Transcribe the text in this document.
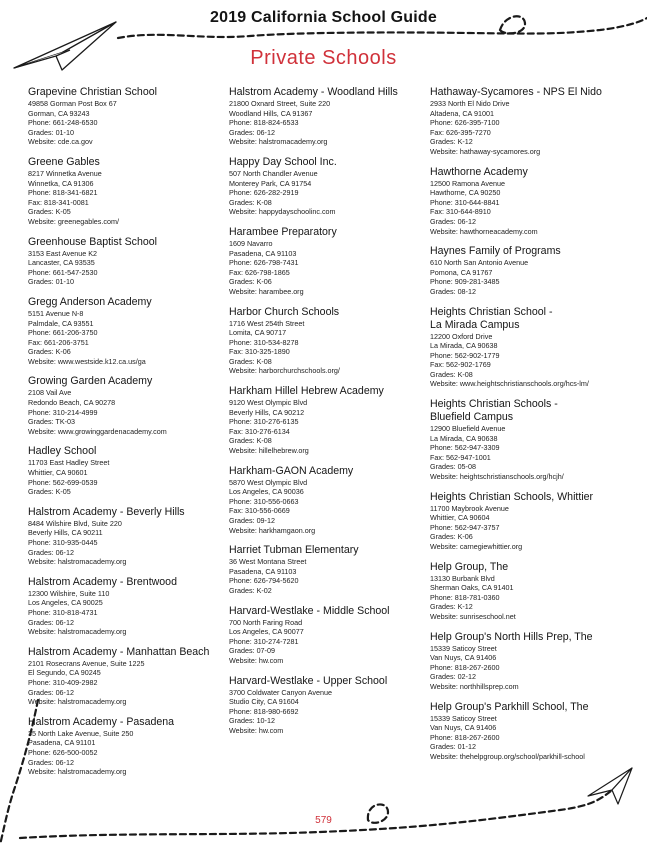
2019 California School Guide
Private Schools
Grapevine Christian School
49858 Gorman Post Box 67
Gorman, CA 93243
Phone: 661-248-6530
Grades: 01-10
Website: cde.ca.gov
Greene Gables
8217 Winnetka Avenue
Winnetka, CA 91306
Phone: 818-341-6821
Fax: 818-341-0081
Grades: K-05
Website: greenegables.com/
Greenhouse Baptist School
3153 East Avenue K2
Lancaster, CA 93535
Phone: 661-547-2530
Grades: 01-10
Gregg Anderson Academy
5151 Avenue N-8
Palmdale, CA 93551
Phone: 661-206-3750
Fax: 661-206-3751
Grades: K-06
Website: www.westside.k12.ca.us/ga
Growing Garden Academy
2108 Vail Ave
Redondo Beach, CA 90278
Phone: 310-214-4999
Grades: TK-03
Website: www.growinggardenacademy.com
Hadley School
11703 East Hadley Street
Whittier, CA 90601
Phone: 562-699-0539
Grades: K-05
Halstrom Academy - Beverly Hills
8484 Wilshire Blvd, Suite 220
Beverly Hills, CA 90211
Phone: 310-935-0445
Grades: 06-12
Website: halstromacademy.org
Halstrom Academy - Brentwood
12300 Wilshire, Suite 110
Los Angeles, CA 90025
Phone: 310-818-4731
Grades: 06-12
Website: halstromacademy.org
Halstrom Academy - Manhattan Beach
2101 Rosecrans Avenue, Suite 1225
El Segundo, CA 90245
Phone: 310-409-2982
Grades: 06-12
Website: halstromacademy.org
Halstrom Academy - Pasadena
35 North Lake Avenue, Suite 250
Pasadena, CA 91101
Phone: 626-500-0052
Grades: 06-12
Website: halstromacademy.org
Halstrom Academy - Woodland Hills
21800 Oxnard Street, Suite 220
Woodland Hills, CA 91367
Phone: 818-824-6533
Grades: 06-12
Website: halstromacademy.org
Happy Day School Inc.
507 North Chandler Avenue
Monterey Park, CA 91754
Phone: 626-282-2919
Grades: K-08
Website: happydayschoolinc.com
Harambee Preparatory
1609 Navarro
Pasadena, CA 91103
Phone: 626-798-7431
Fax: 626-798-1865
Grades: K-06
Website: harambee.org
Harbor Church Schools
1716 West 254th Street
Lomita, CA 90717
Phone: 310-534-8278
Fax: 310-325-1890
Grades: K-08
Website: harborchurchschools.org/
Harkham Hillel Hebrew Academy
9120 West Olympic Blvd
Beverly Hills, CA 90212
Phone: 310-276-6135
Fax: 310-276-6134
Grades: K-08
Website: hillelhebrew.org
Harkham-GAON Academy
5870 West Olympic Blvd
Los Angeles, CA 90036
Phone: 310-556-0663
Fax: 310-556-0669
Grades: 09-12
Website: harkhamgaon.org
Harriet Tubman Elementary
36 West Montana Street
Pasadena, CA 91103
Phone: 626-794-5620
Grades: K-02
Harvard-Westlake - Middle School
700 North Faring Road
Los Angeles, CA 90077
Phone: 310-274-7281
Grades: 07-09
Website: hw.com
Harvard-Westlake - Upper School
3700 Coldwater Canyon Avenue
Studio City, CA 91604
Phone: 818-980-6692
Grades: 10-12
Website: hw.com
Hathaway-Sycamores - NPS El Nido
2933 North El Nido Drive
Altadena, CA 91001
Phone: 626-395-7100
Fax: 626-395-7270
Grades: K-12
Website: hathaway-sycamores.org
Hawthorne Academy
12500 Ramona Avenue
Hawthorne, CA 90250
Phone: 310-644-8841
Fax: 310-644-8910
Grades: 06-12
Website: hawthorneacademy.com
Haynes Family of Programs
610 North San Antonio Avenue
Pomona, CA 91767
Phone: 909-281-3485
Grades: 08-12
Heights Christian School -
La Mirada Campus
12200 Oxford Drive
La Mirada, CA 90638
Phone: 562-902-1779
Fax: 562-902-1769
Grades: K-08
Website: www.heightschristianschools.org/hcs-lm/
Heights Christian Schools -
Bluefield Campus
12900 Bluefield Avenue
La Mirada, CA 90638
Phone: 562-947-3309
Fax: 562-947-1001
Grades: 05-08
Website: heightschristianschools.org/hcjh/
Heights Christian Schools, Whittier
11700 Maybrook Avenue
Whittier, CA 90604
Phone: 562-947-3757
Grades: K-06
Website: carnegiewhittier.org
Help Group, The
13130 Burbank Blvd
Sherman Oaks, CA 91401
Phone: 818-781-0360
Grades: K-12
Website: sunriseschool.net
Help Group's North Hills Prep, The
15339 Saticoy Street
Van Nuys, CA 91406
Phone: 818-267-2600
Grades: 02-12
Website: northhillsprep.com
Help Group's Parkhill School, The
15339 Saticoy Street
Van Nuys, CA 91406
Phone: 818-267-2600
Grades: 01-12
Website: thehelpgroup.org/school/parkhill-school
579
